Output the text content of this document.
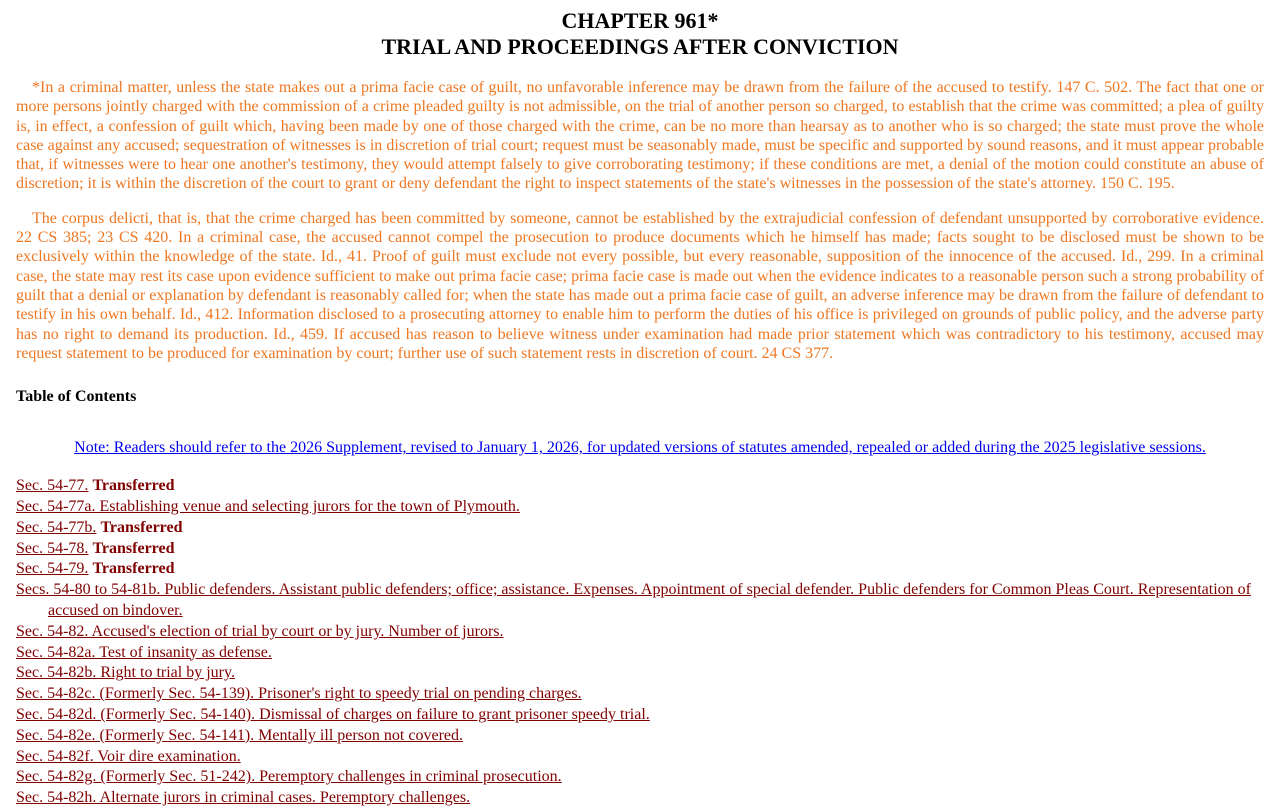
CHAPTER 961*
TRIAL AND PROCEEDINGS AFTER CONVICTION

*In a criminal matter, unless the state makes out a prima facie case of guilt, no unfavorable inference may be drawn from the failure of the accused to testify. 147 C. 502. The fact that one or more persons jointly charged with the commission of a crime pleaded guilty is not admissible, on the trial of another person so charged, to establish that the crime was committed; a plea of guilty is, in effect, a confession of guilt which, having been made by one of those charged with the crime, can be no more than hearsay as to another who is so charged; the state must prove the whole case against any accused; sequestration of witnesses is in discretion of trial court; request must be seasonably made, must be specific and supported by sound reasons, and it must appear probable that, if witnesses were to hear one another's testimony, they would attempt falsely to give corroborating testimony; if these conditions are met, a denial of the motion could constitute an abuse of discretion; it is within the discretion of the court to grant or deny defendant the right to inspect statements of the state's witnesses in the possession of the state's attorney. 150 C. 195.

The corpus delicti, that is, that the crime charged has been committed by someone, cannot be established by the extrajudicial confession of defendant unsupported by corroborative evidence. 22 CS 385; 23 CS 420. In a criminal case, the accused cannot compel the prosecution to produce documents which he himself has made; facts sought to be disclosed must be shown to be exclusively within the knowledge of the state. Id., 41. Proof of guilt must exclude not every possible, but every reasonable, supposition of the innocence of the accused. Id., 299. In a criminal case, the state may rest its case upon evidence sufficient to make out prima facie case; prima facie case is made out when the evidence indicates to a reasonable person such a strong probability of guilt that a denial or explanation by defendant is reasonably called for; when the state has made out a prima facie case of guilt, an adverse inference may be drawn from the failure of defendant to testify in his own behalf. Id., 412. Information disclosed to a prosecuting attorney to enable him to perform the duties of his office is privileged on grounds of public policy, and the adverse party has no right to demand its production. Id., 459. If accused has reason to believe witness under examination had made prior statement which was contradictory to his testimony, accused may request statement to be produced for examination by court; further use of such statement rests in discretion of court. 24 CS 377.

Table of Contents

Note: Readers should refer to the 2026 Supplement, revised to January 1, 2026, for updated versions of statutes amended, repealed or added during the 2025 legislative sessions.
Sec. 54-77. Transferred
Sec. 54-77a. Establishing venue and selecting jurors for the town of Plymouth.
Sec. 54-77b. Transferred
Sec. 54-78. Transferred
Sec. 54-79. Transferred
Secs. 54-80 to 54-81b. Public defenders. Assistant public defenders; office; assistance. Expenses. Appointment of special defender. Public defenders for Common Pleas Court. Representation of accused on bindover.
Sec. 54-82. Accused's election of trial by court or by jury. Number of jurors.
Sec. 54-82a. Test of insanity as defense.
Sec. 54-82b. Right to trial by jury.
Sec. 54-82c. (Formerly Sec. 54-139). Prisoner's right to speedy trial on pending charges.
Sec. 54-82d. (Formerly Sec. 54-140). Dismissal of charges on failure to grant prisoner speedy trial.
Sec. 54-82e. (Formerly Sec. 54-141). Mentally ill person not covered.
Sec. 54-82f. Voir dire examination.
Sec. 54-82g. (Formerly Sec. 51-242). Peremptory challenges in criminal prosecution.
Sec. 54-82h. Alternate jurors in criminal cases. Peremptory challenges.
